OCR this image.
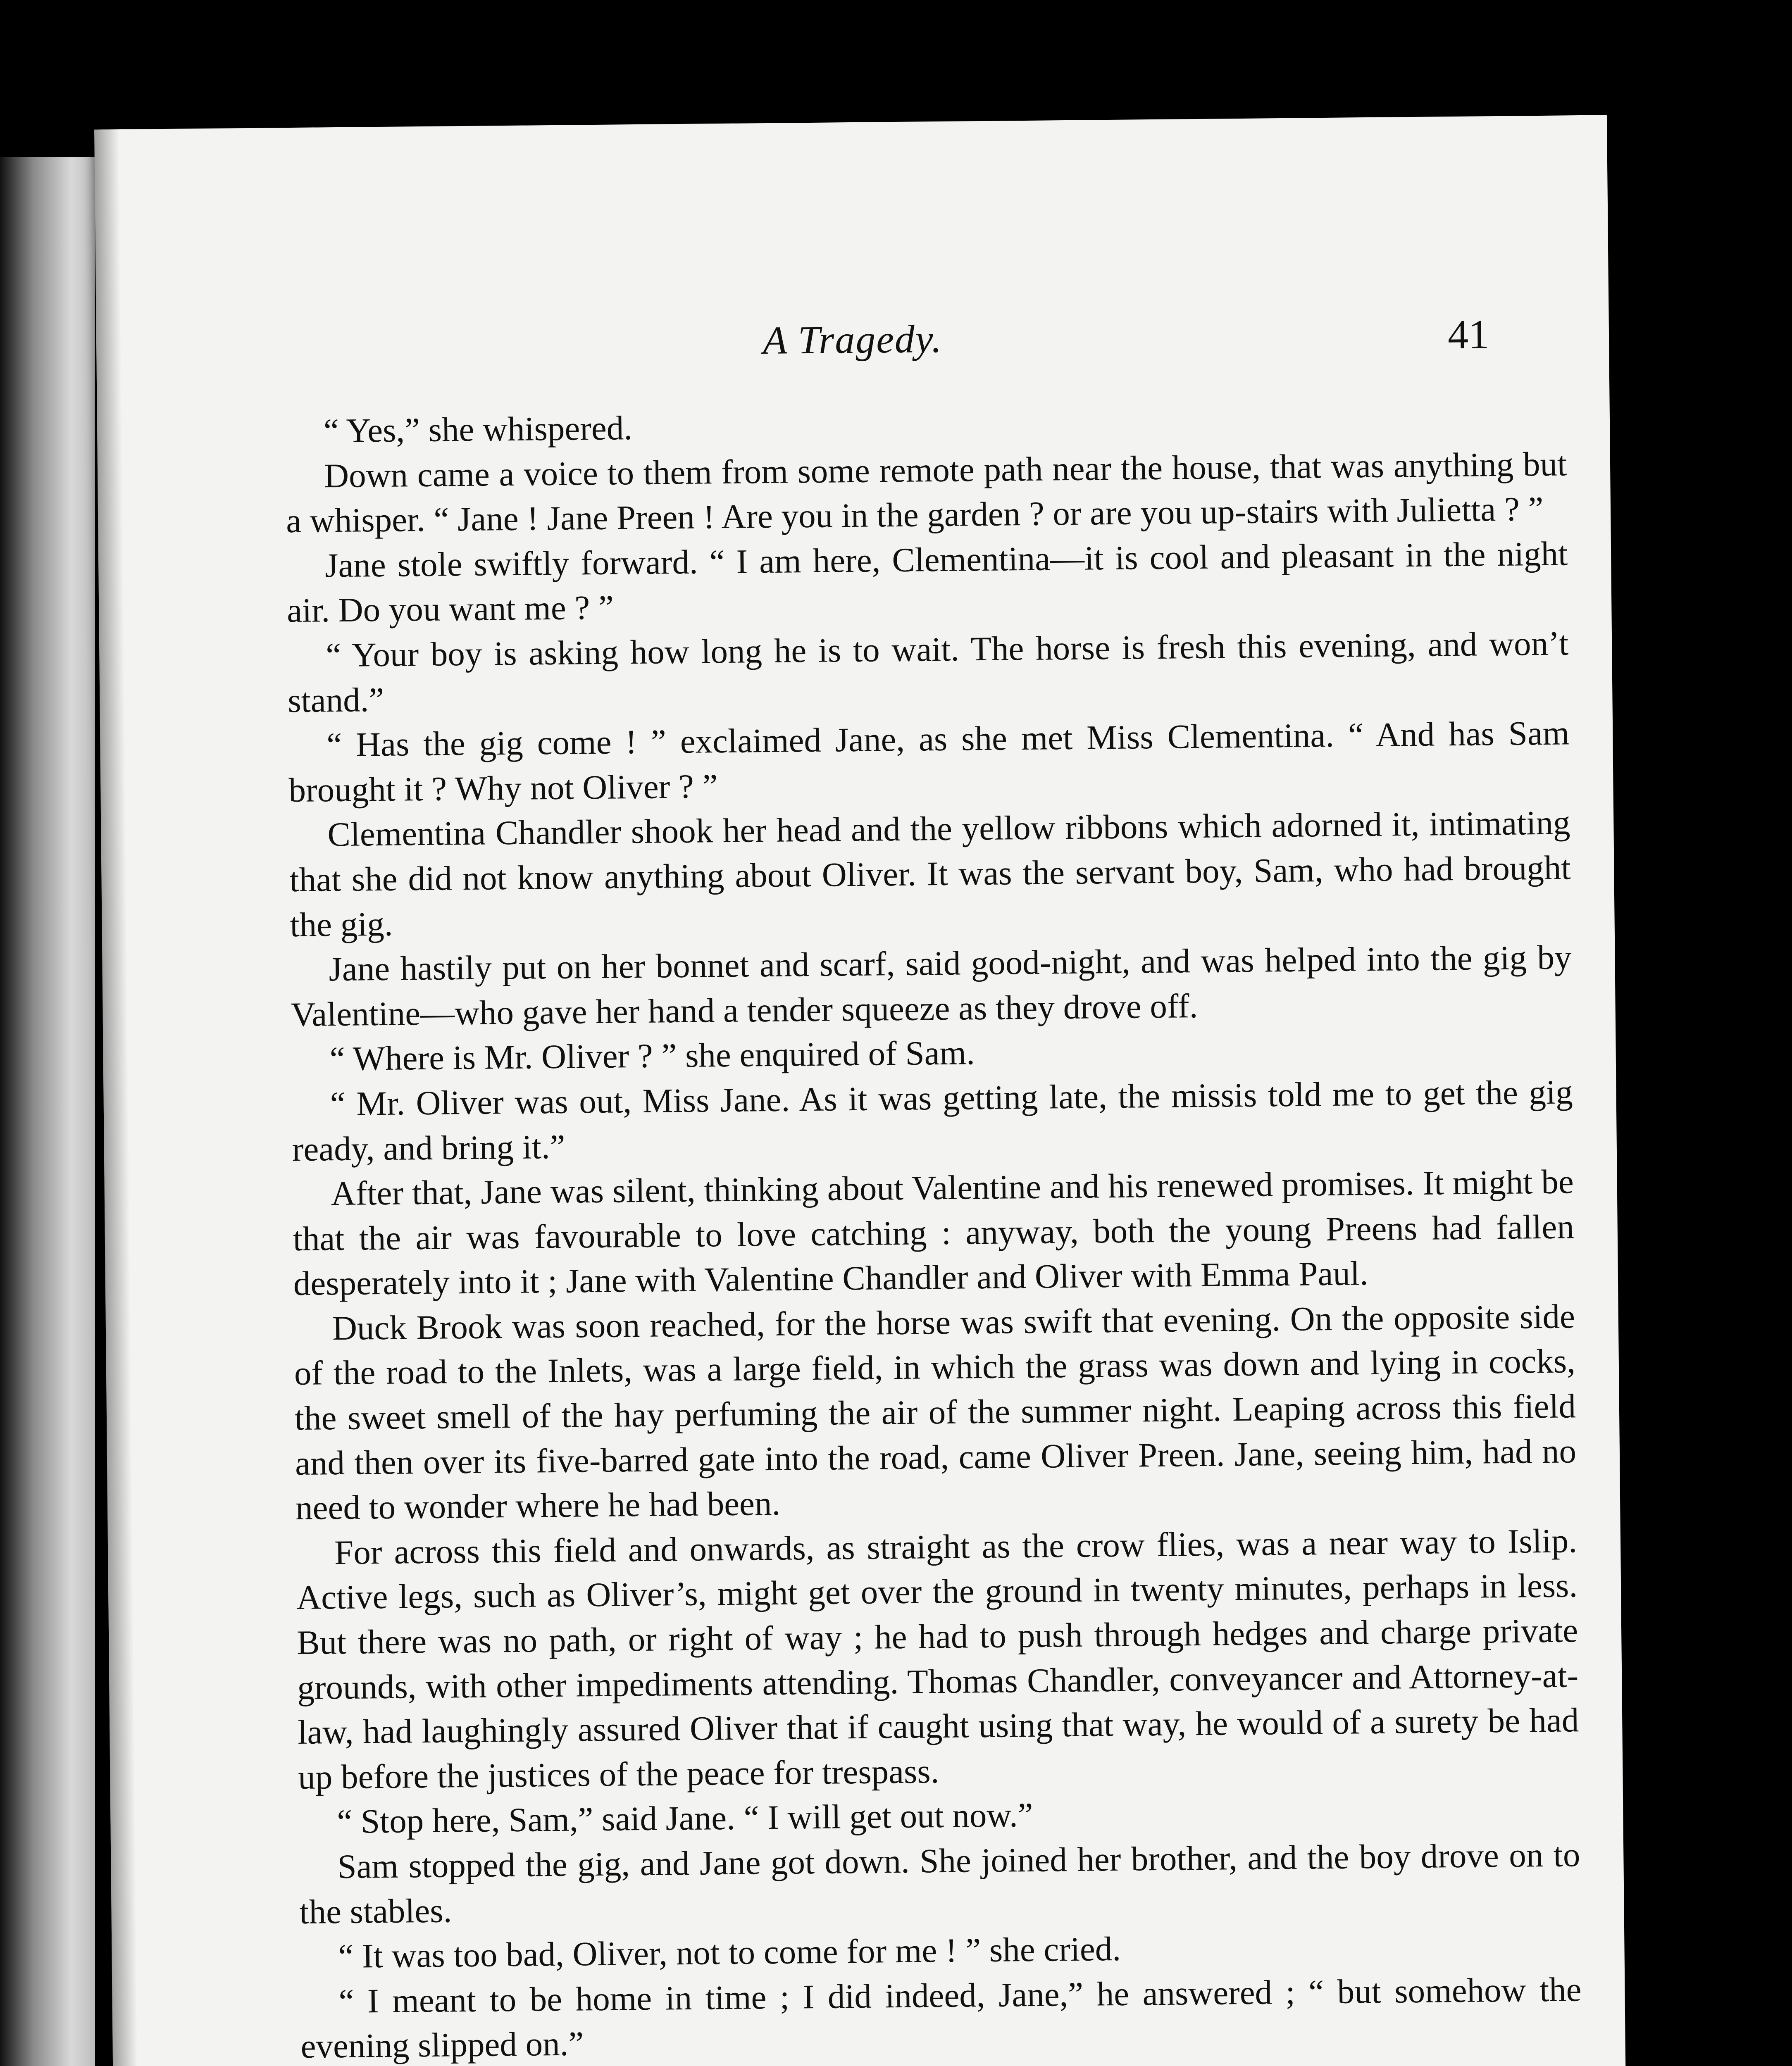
A Tragedy.	41

“ Yes,” she whispered.

Down came a voice to them from some remote path near the house, that was anything but a whisper. “ Jane ! Jane Preen ! Are you in the garden ? or are you up-stairs with Julietta ? ”

Jane stole swiftly forward. “ I am here, Clementina—it is cool and pleasant in the night air. Do you want me ? ”

“ Your boy is asking how long he is to wait. The horse is fresh this evening, and won’t stand.”

“ Has the gig come ! ” exclaimed Jane, as she met Miss Clementina. “ And has Sam brought it ? Why not Oliver ? ”

Clementina Chandler shook her head and the yellow ribbons which adorned it, intimating that she did not know anything about Oliver. It was the servant boy, Sam, who had brought the gig.

Jane hastily put on her bonnet and scarf, said good-night, and was helped into the gig by Valentine—who gave her hand a tender squeeze as they drove off.

“ Where is Mr. Oliver ? ” she enquired of Sam.

“ Mr. Oliver was out, Miss Jane. As it was getting late, the missis told me to get the gig ready, and bring it.”

After that, Jane was silent, thinking about Valentine and his renewed promises. It might be that the air was favourable to love catching : anyway, both the young Preens had fallen desperately into it ; Jane with Valentine Chandler and Oliver with Emma Paul.

Duck Brook was soon reached, for the horse was swift that evening. On the opposite side of the road to the Inlets, was a large field, in which the grass was down and lying in cocks, the sweet smell of the hay perfuming the air of the summer night. Leaping across this field and then over its five-barred gate into the road, came Oliver Preen. Jane, seeing him, had no need to wonder where he had been.

For across this field and onwards, as straight as the crow flies, was a near way to Islip. Active legs, such as Oliver’s, might get over the ground in twenty minutes, perhaps in less. But there was no path, or right of way ; he had to push through hedges and charge private grounds, with other impediments attending. Thomas Chandler, conveyancer and Attorney-at-law, had laughingly assured Oliver that if caught using that way, he would of a surety be had up before the justices of the peace for trespass.

“ Stop here, Sam,” said Jane. “ I will get out now.”

Sam stopped the gig, and Jane got down. She joined her brother, and the boy drove on to the stables.

“ It was too bad, Oliver, not to come for me ! ” she cried.

“ I meant to be home in time ; I did indeed, Jane,” he answered ; “ but somehow the evening slipped on.”
